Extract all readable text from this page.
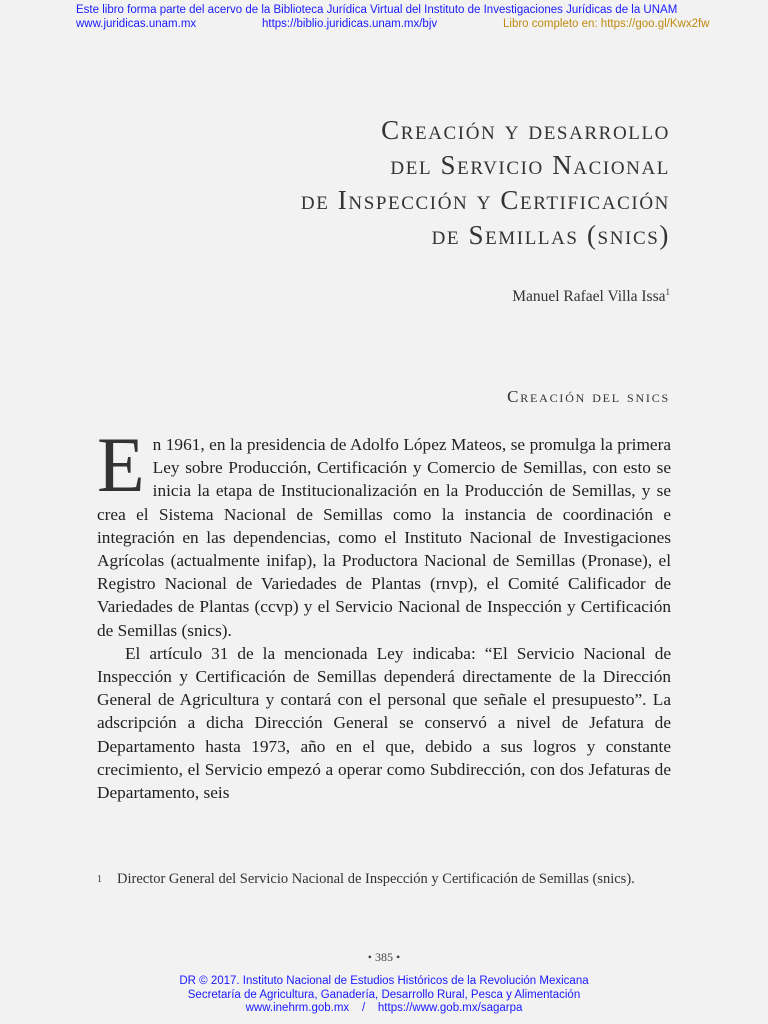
Este libro forma parte del acervo de la Biblioteca Jurídica Virtual del Instituto de Investigaciones Jurídicas de la UNAM
www.juridicas.unam.mx	https://biblio.juridicas.unam.mx/bjv	Libro completo en: https://goo.gl/Kwx2fw
Creación y desarrollo
del Servicio Nacional
de Inspección y Certificación
de Semillas (snics)
Manuel Rafael Villa Issa$^1$
Creación del snics

En 1961, en la presidencia de Adolfo López Mateos, se promulga la primera Ley sobre Producción, Certificación y Comercio de Semillas, con esto se inicia la etapa de Institucionalización en la Producción de Semillas, y se crea el Sistema Nacional de Semillas como la instancia de coordinación e integración en las dependencias, como el Instituto Nacional de Investigaciones Agrícolas (actualmente inifap), la Productora Nacional de Semillas (Pronase), el Registro Nacional de Variedades de Plantas (rnvp), el Comité Calificador de Variedades de Plantas (ccvp) y el Servicio Nacional de Inspección y Certificación de Semillas (snics).

El artículo 31 de la mencionada Ley indicaba: “El Servicio Nacional de Inspección y Certificación de Semillas dependerá directamente de la Dirección General de Agricultura y contará con el personal que señale el presupuesto”. La adscripción a dicha Dirección General se conservó a nivel de Jefatura de Departamento hasta 1973, año en el que, debido a sus logros y constante crecimiento, el Servicio empezó a operar como Subdirección, con dos Jefaturas de Departamento, seis

1	Director General del Servicio Nacional de Inspección y Certificación de Semillas (snics).
• 385 •
DR © 2017. Instituto Nacional de Estudios Históricos de la Revolución Mexicana
Secretaría de Agricultura, Ganadería, Desarrollo Rural, Pesca y Alimentación
www.inehrm.gob.mx    /    https://www.gob.mx/sagarpa
